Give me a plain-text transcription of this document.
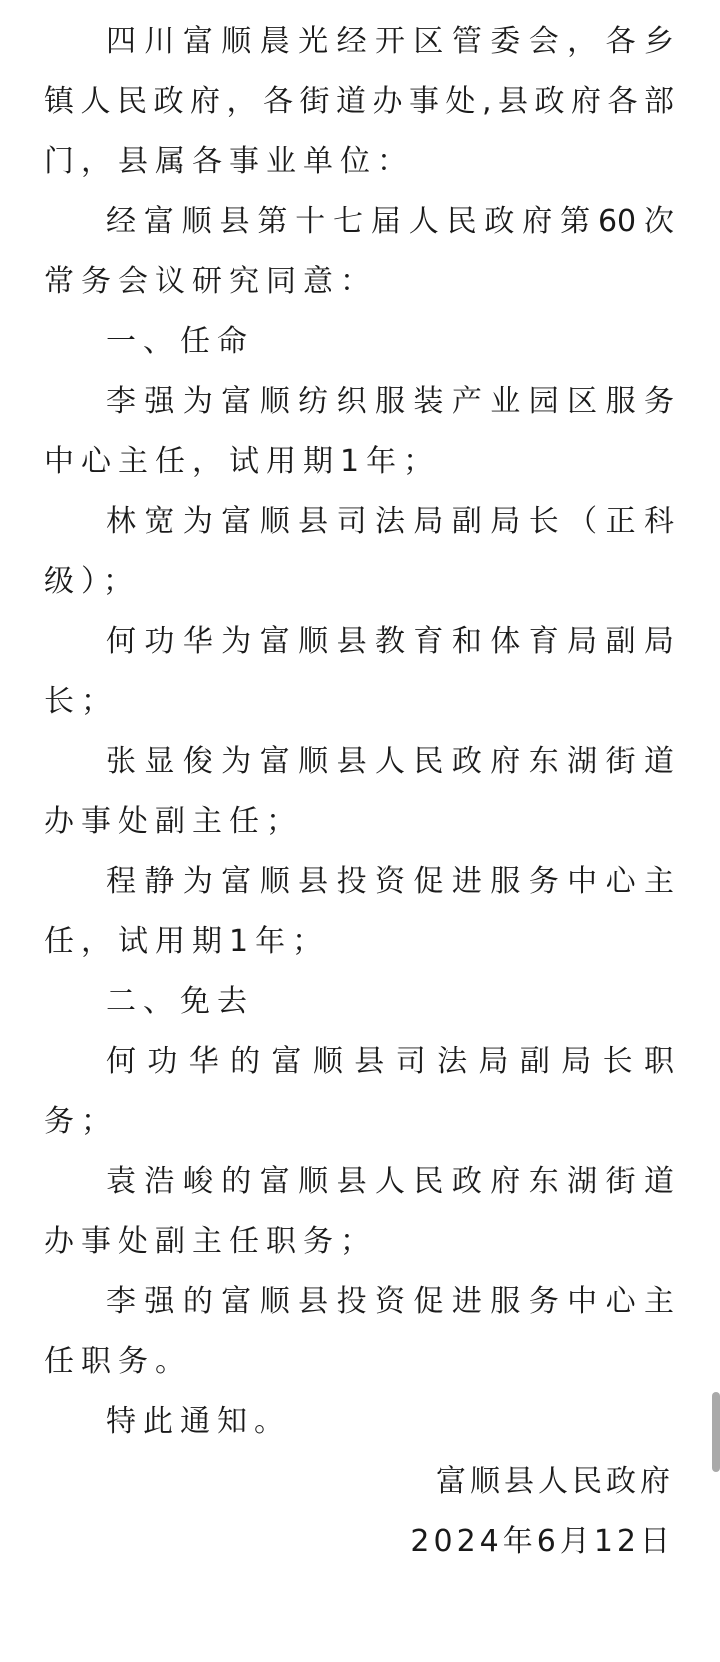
四川富顺晨光经开区管委会，各乡

镇人民政府，各街道办事处,县政府各部

门，县属各事业单位：

经富顺县第十七届人民政府第60次

常务会议研究同意：

一、任命

李强为富顺纺织服装产业园区服务

中心主任，试用期1年；

林宽为富顺县司法局副局长（正科

级）；

何功华为富顺县教育和体育局副局

长；

张显俊为富顺县人民政府东湖街道

办事处副主任；

程静为富顺县投资促进服务中心主

任，试用期1年；

二、免去

何功华的富顺县司法局副局长职

务；

袁浩峻的富顺县人民政府东湖街道

办事处副主任职务；

李强的富顺县投资促进服务中心主

任职务。

特此通知。

富顺县人民政府

2024年6月12日
